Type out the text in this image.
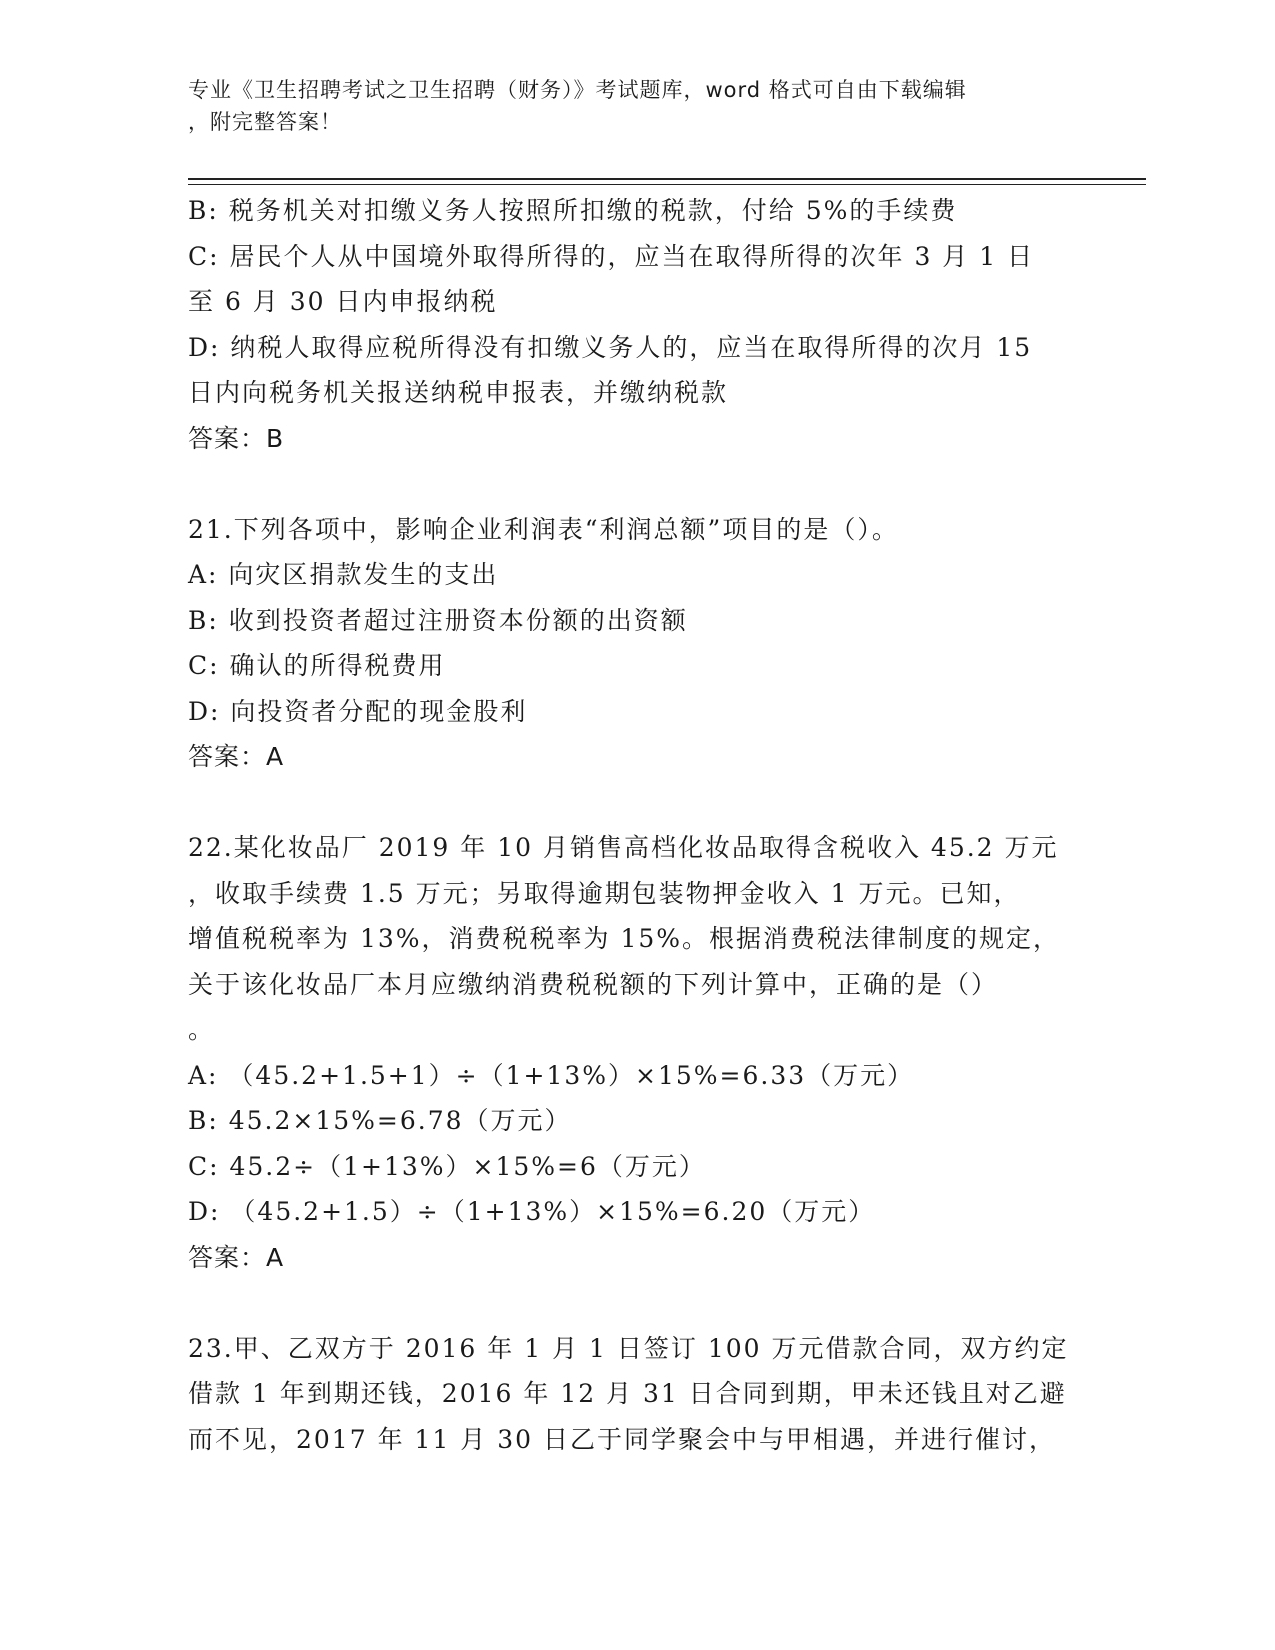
专业《卫生招聘考试之卫生招聘（财务）》考试题库，word 格式可自由下载编辑
，附完整答案！
B: 税务机关对扣缴义务人按照所扣缴的税款，付给 5%的手续费
C: 居民个人从中国境外取得所得的，应当在取得所得的次年 3 月 1 日
至 6 月 30 日内申报纳税
D: 纳税人取得应税所得没有扣缴义务人的，应当在取得所得的次月 15
日内向税务机关报送纳税申报表，并缴纳税款
答案：B
21.下列各项中，影响企业利润表“利润总额”项目的是（）。
A: 向灾区捐款发生的支出
B: 收到投资者超过注册资本份额的出资额
C: 确认的所得税费用
D: 向投资者分配的现金股利
答案：A
22.某化妆品厂 2019 年 10 月销售高档化妆品取得含税收入 45.2 万元
，收取手续费 1.5 万元；另取得逾期包装物押金收入 1 万元。已知，
增值税税率为 13%，消费税税率为 15%。根据消费税法律制度的规定，
关于该化妆品厂本月应缴纳消费税税额的下列计算中，正确的是（）
。
A: （45.2+1.5+1）÷（1+13%）×15%=6.33（万元）
B: 45.2×15%=6.78（万元）
C: 45.2÷（1+13%）×15%=6（万元）
D: （45.2+1.5）÷（1+13%）×15%=6.20（万元）
答案：A
23.甲、乙双方于 2016 年 1 月 1 日签订 100 万元借款合同，双方约定
借款 1 年到期还钱，2016 年 12 月 31 日合同到期，甲未还钱且对乙避
而不见，2017 年 11 月 30 日乙于同学聚会中与甲相遇，并进行催讨，
